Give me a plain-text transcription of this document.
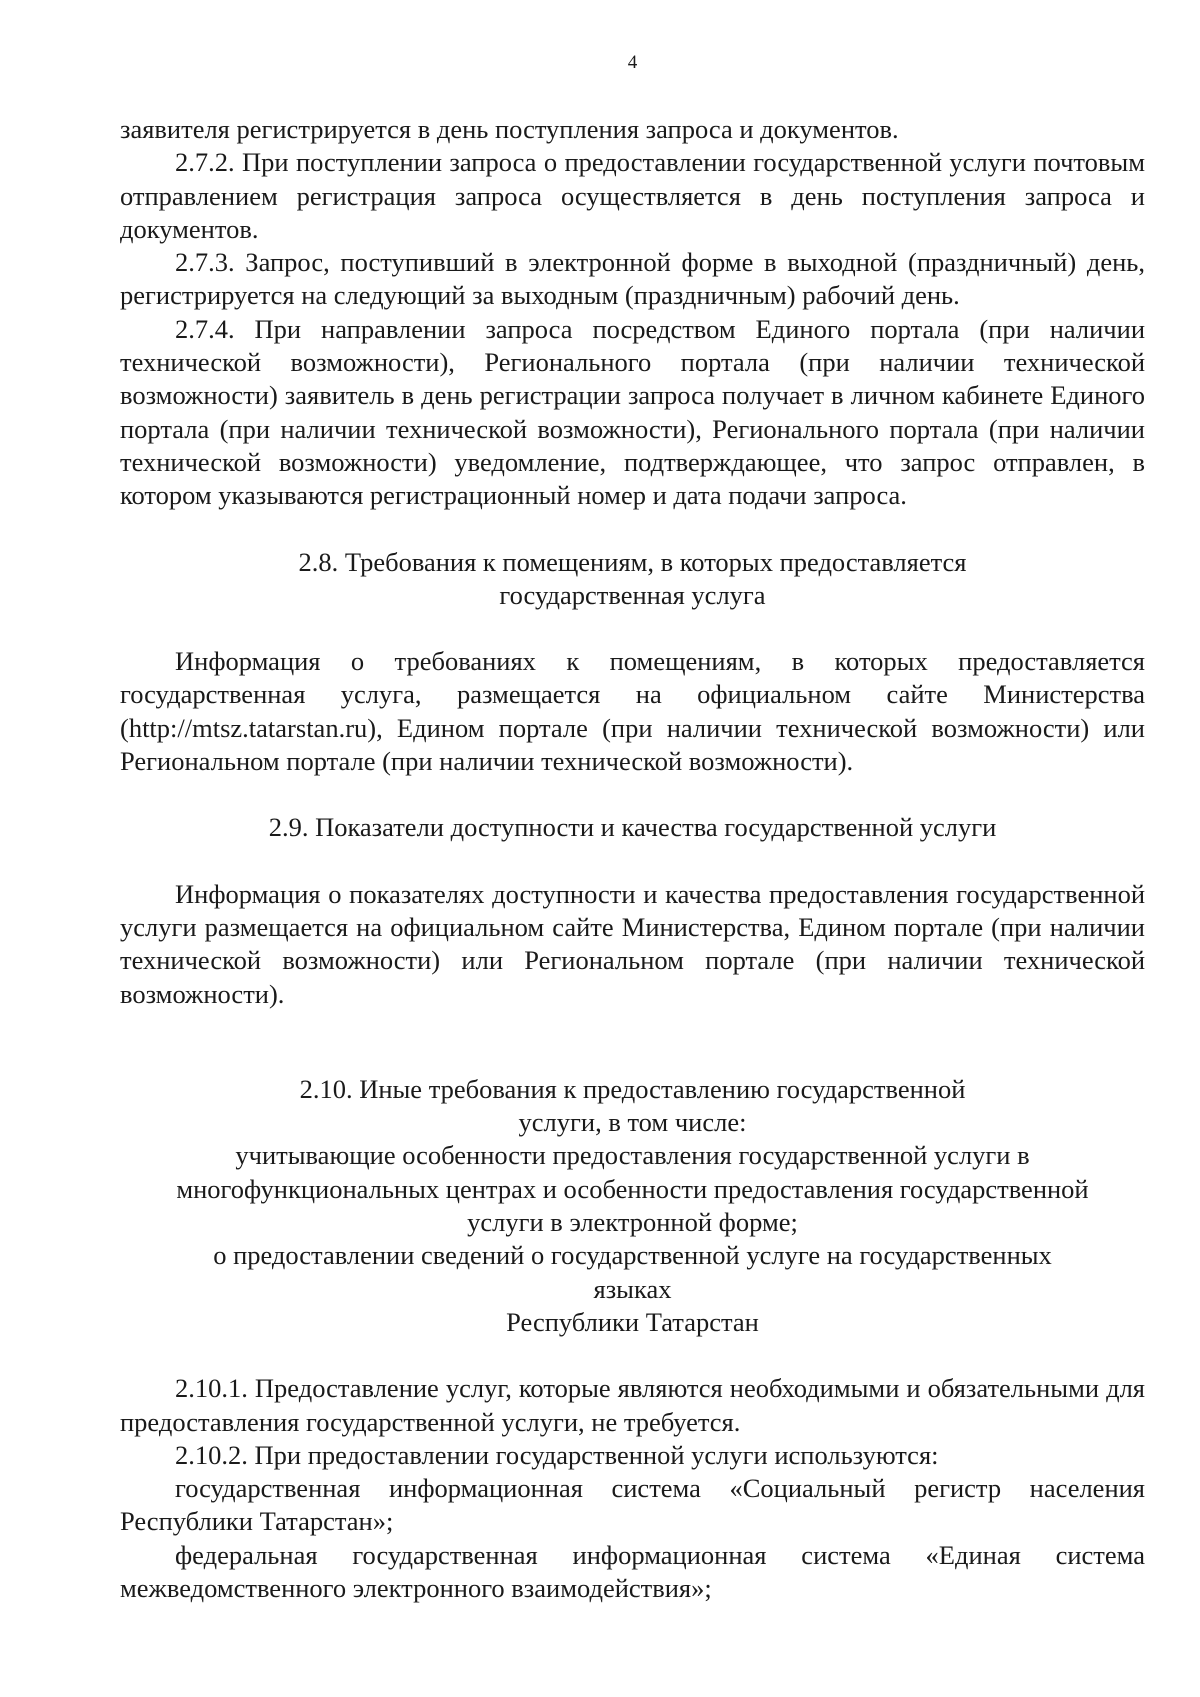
4

заявителя регистрируется в день поступления запроса и документов.

2.7.2. При поступлении запроса о предоставлении государственной услуги почтовым отправлением регистрация запроса осуществляется в день поступления запроса и документов.

2.7.3. Запрос, поступивший в электронной форме в выходной (праздничный) день, регистрируется на следующий за выходным (праздничным) рабочий день.

2.7.4. При направлении запроса посредством Единого портала (при наличии технической возможности), Регионального портала (при наличии технической возможности) заявитель в день регистрации запроса получает в личном кабинете Единого портала (при наличии технической возможности), Регионального портала (при наличии технической возможности) уведомление, подтверждающее, что запрос отправлен, в котором указываются регистрационный номер и дата подачи запроса.

2.8. Требования к помещениям, в которых предоставляется

государственная услуга

Информация о требованиях к помещениям, в которых предоставляется государственная услуга, размещается на официальном сайте Министерства (http://mtsz.tatarstan.ru), Едином портале (при наличии технической возможности) или Региональном портале (при наличии технической возможности).

2.9. Показатели доступности и качества государственной услуги

Информация о показателях доступности и качества предоставления государственной услуги размещается на официальном сайте Министерства, Едином портале (при наличии технической возможности) или Региональном портале (при наличии технической возможности).

2.10. Иные требования к предоставлению государственной

услуги, в том числе:

учитывающие особенности предоставления государственной услуги в

многофункциональных центрах и особенности предоставления государственной

услуги в электронной форме;

о предоставлении сведений о государственной услуге на государственных

языках

Республики Татарстан

2.10.1. Предоставление услуг, которые являются необходимыми и обязательными для предоставления государственной услуги, не требуется.

2.10.2. При предоставлении государственной услуги используются:

государственная информационная система «Социальный регистр населения Республики Татарстан»;

федеральная государственная информационная система «Единая система межведомственного электронного взаимодействия»;
